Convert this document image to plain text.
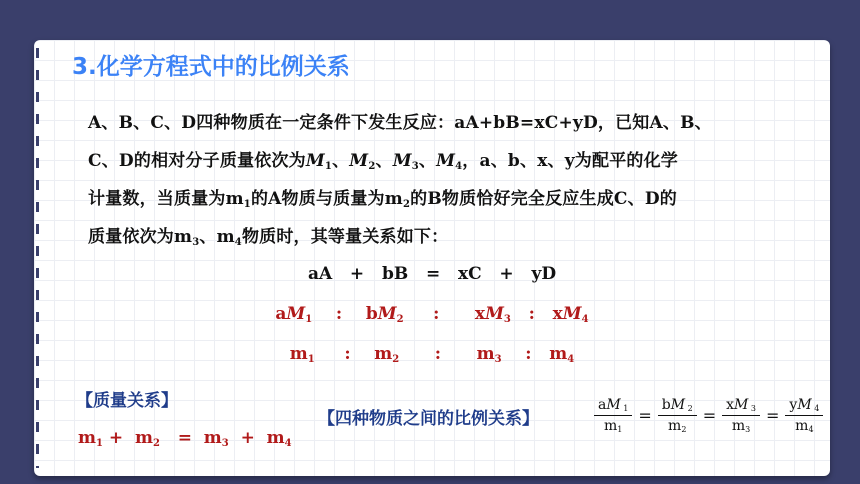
3.化学方程式中的比例关系
A、B、C、D四种物质在一定条件下发生反应：aA+bB=xC+yD，已知A、B、
C、D的相对分子质量依次为$M_1$、$M_2$、$M_3$、$M_4$，a、b、x、y为配平的化学
计量数，当质量为$m_1$的A物质与质量为$m_2$的B物质恰好完全反应生成C、D的
质量依次为$m_3$、$m_4$物质时，其等量关系如下：
aA + bB = xC + yD
$aM_1$    :    $bM_2$     :      $xM_3$   :   $xM_4$
$m_1$     :    $m_2$      :      $m_3$    :   $m_4$
【质量关系】
$m_1 + m_2 = m_3 + m_4$
【四种物质之间的比例关系】	$\frac{aM _1}{m_1} = \frac{bM _2}{m_2} = \frac{xM _3}{m_3} = \frac{yM _4}{m_4}$
